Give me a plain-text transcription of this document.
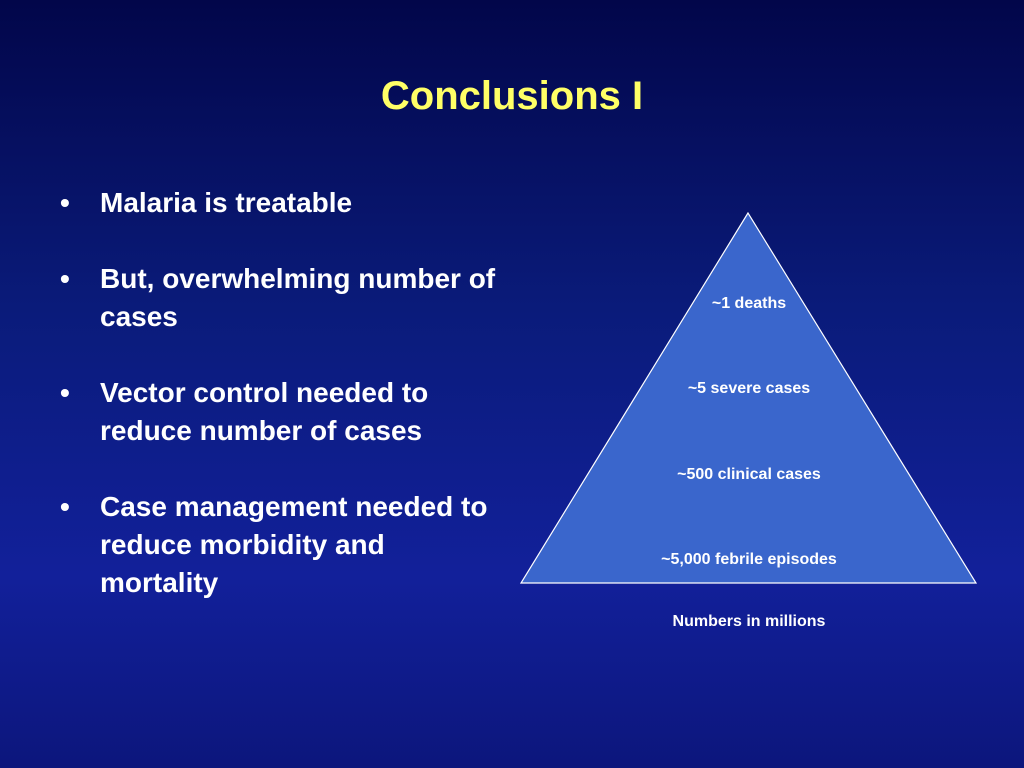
Conclusions I
•	Malaria is treatable
•	But, overwhelming number of cases
•	Vector control needed to reduce number of cases
•	Case management needed to reduce morbidity and mortality
~1 deaths
~5 severe cases
~500 clinical cases
~5,000 febrile episodes
Numbers in millions
